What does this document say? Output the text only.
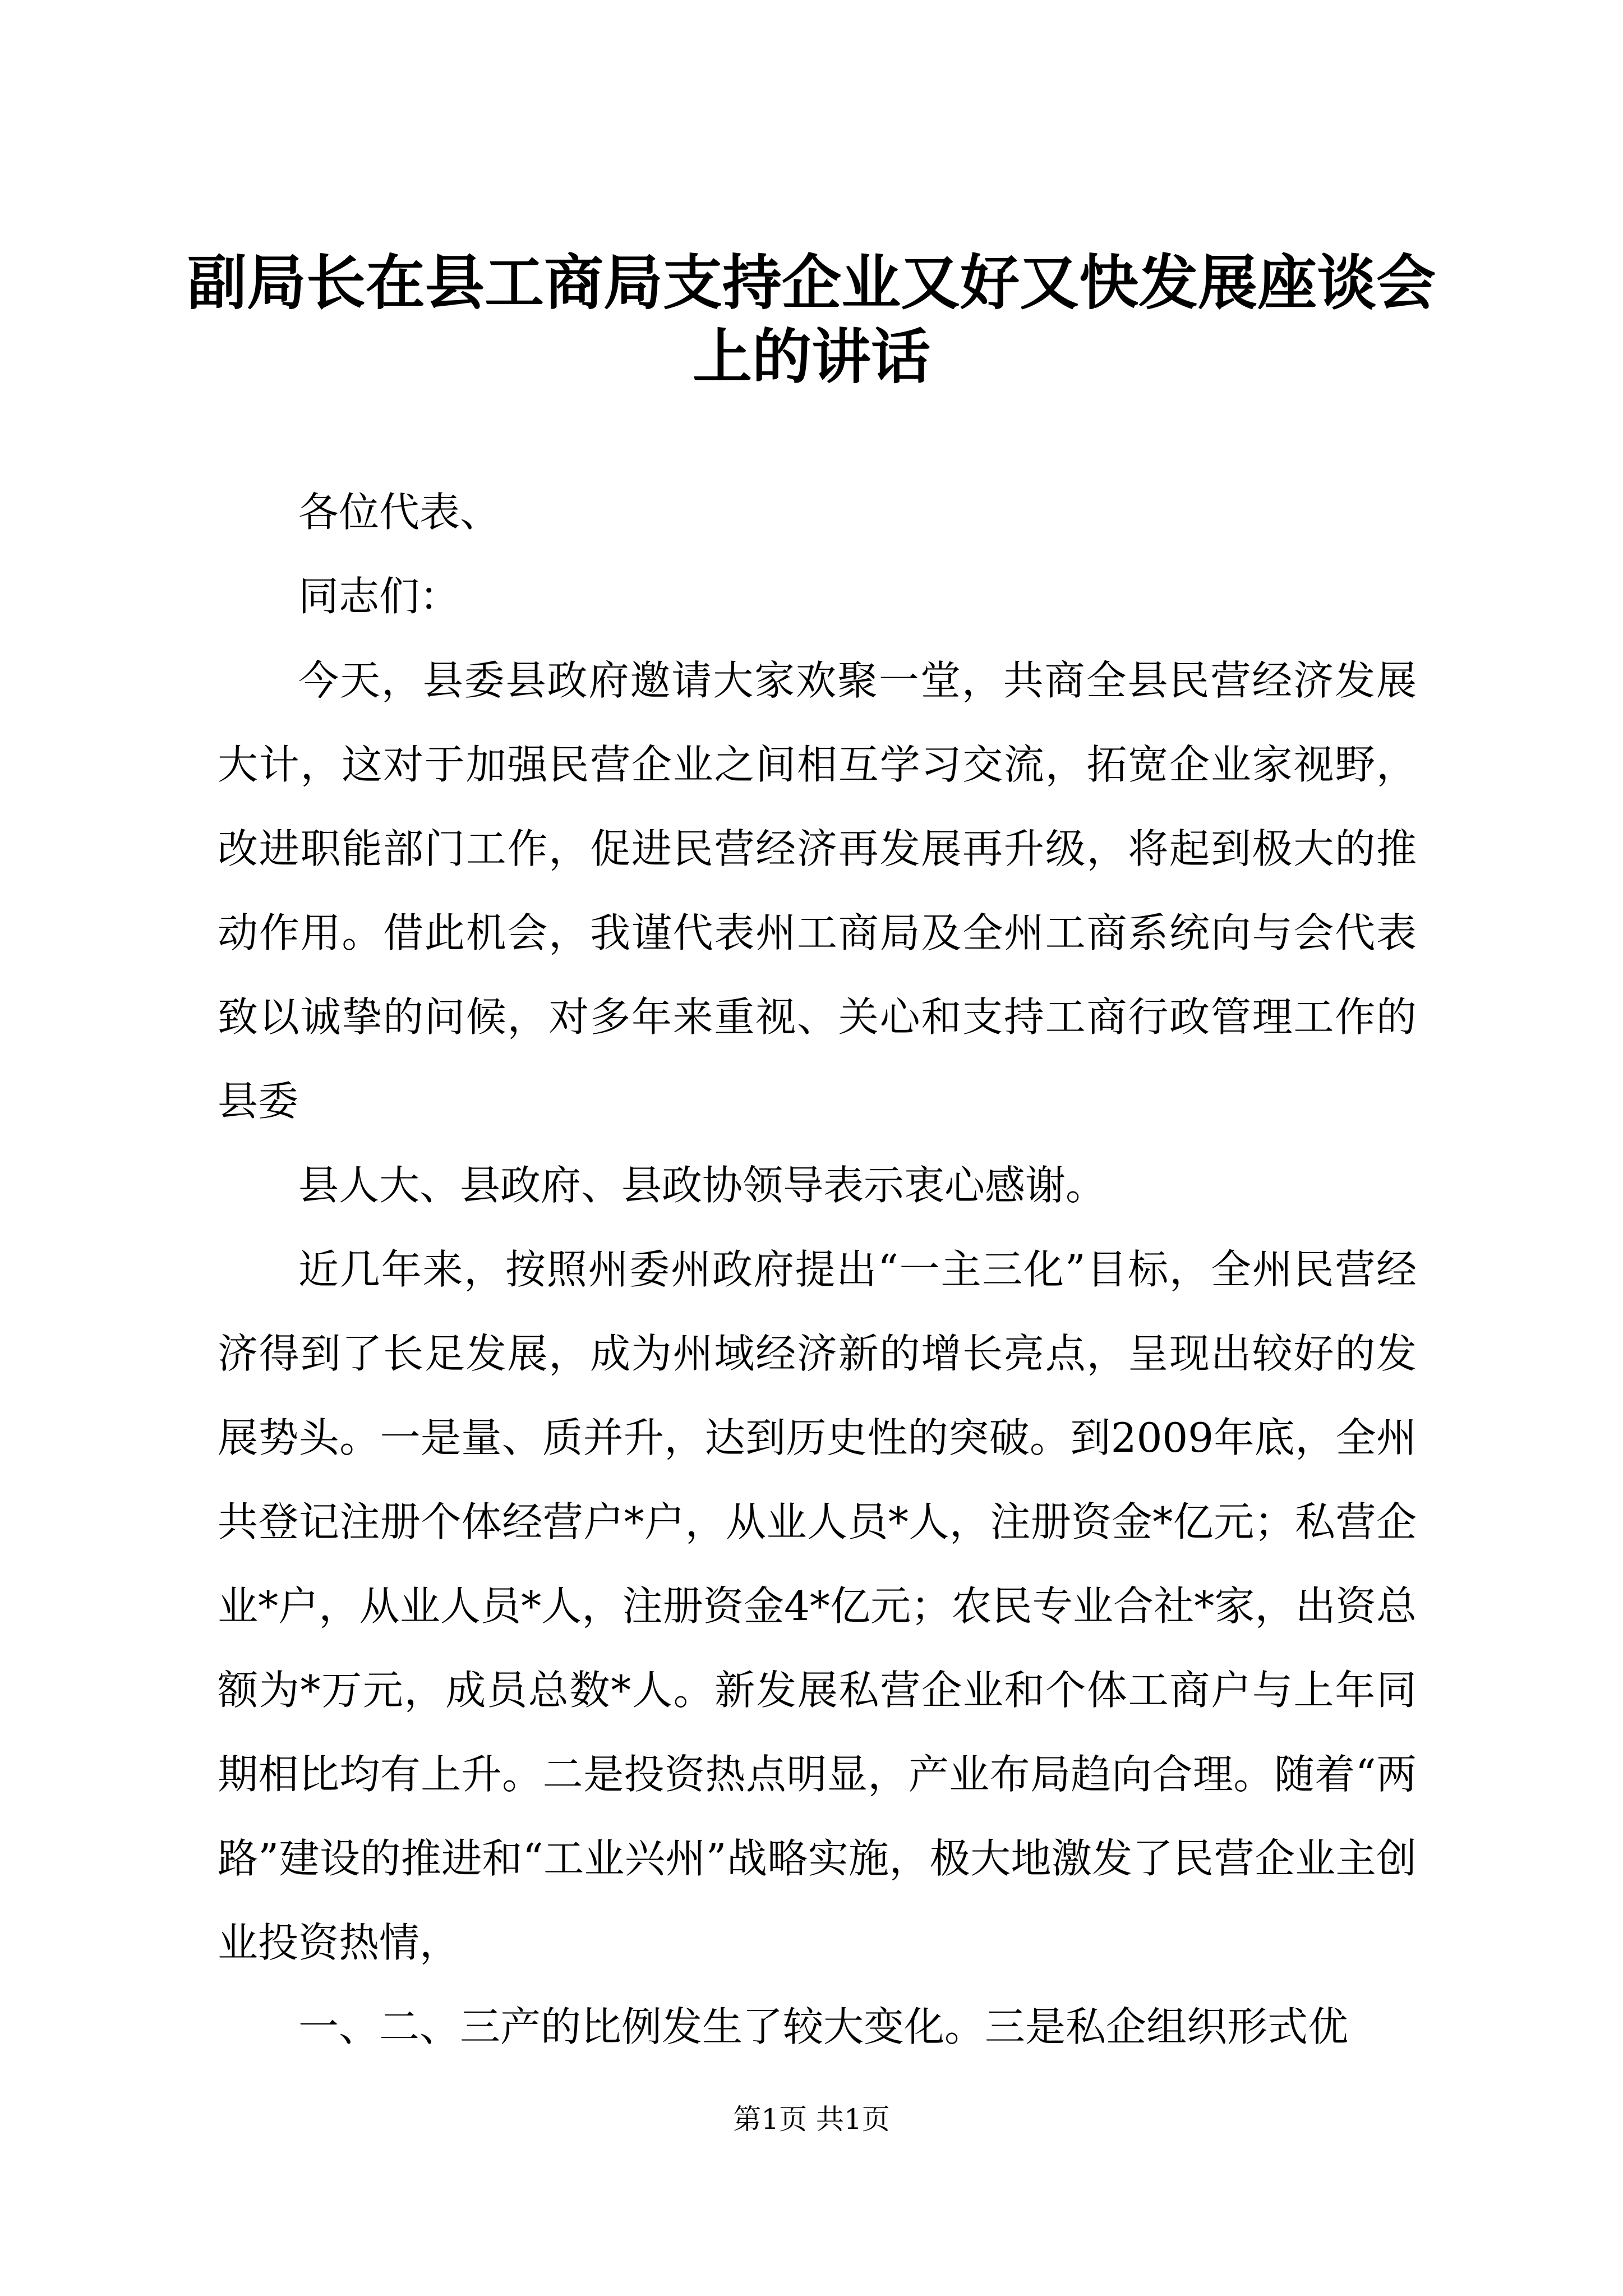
副局长在县工商局支持企业又好又快发展座谈会上的讲话

各位代表、

同志们：

今天，县委县政府邀请大家欢聚一堂，共商全县民营经济发展大计，这对于加强民营企业之间相互学习交流，拓宽企业家视野，改进职能部门工作，促进民营经济再发展再升级，将起到极大的推动作用。借此机会，我谨代表州工商局及全州工商系统向与会代表致以诚挚的问候，对多年来重视、关心和支持工商行政管理工作的县委

县人大、县政府、县政协领导表示衷心感谢。

近几年来，按照州委州政府提出“一主三化”目标，全州民营经济得到了长足发展，成为州域经济新的增长亮点，呈现出较好的发展势头。一是量、质并升，达到历史性的突破。到2009年底，全州共登记注册个体经营户*户，从业人员*人，注册资金*亿元；私营企业*户，从业人员*人，注册资金4*亿元；农民专业合社*家，出资总额为*万元，成员总数*人。新发展私营企业和个体工商户与上年同期相比均有上升。二是投资热点明显，产业布局趋向合理。随着“两路”建设的推进和“工业兴州”战略实施，极大地激发了民营企业主创业投资热情，

一、二、三产的比例发生了较大变化。三是私企组织形式优

第1页 共1页
